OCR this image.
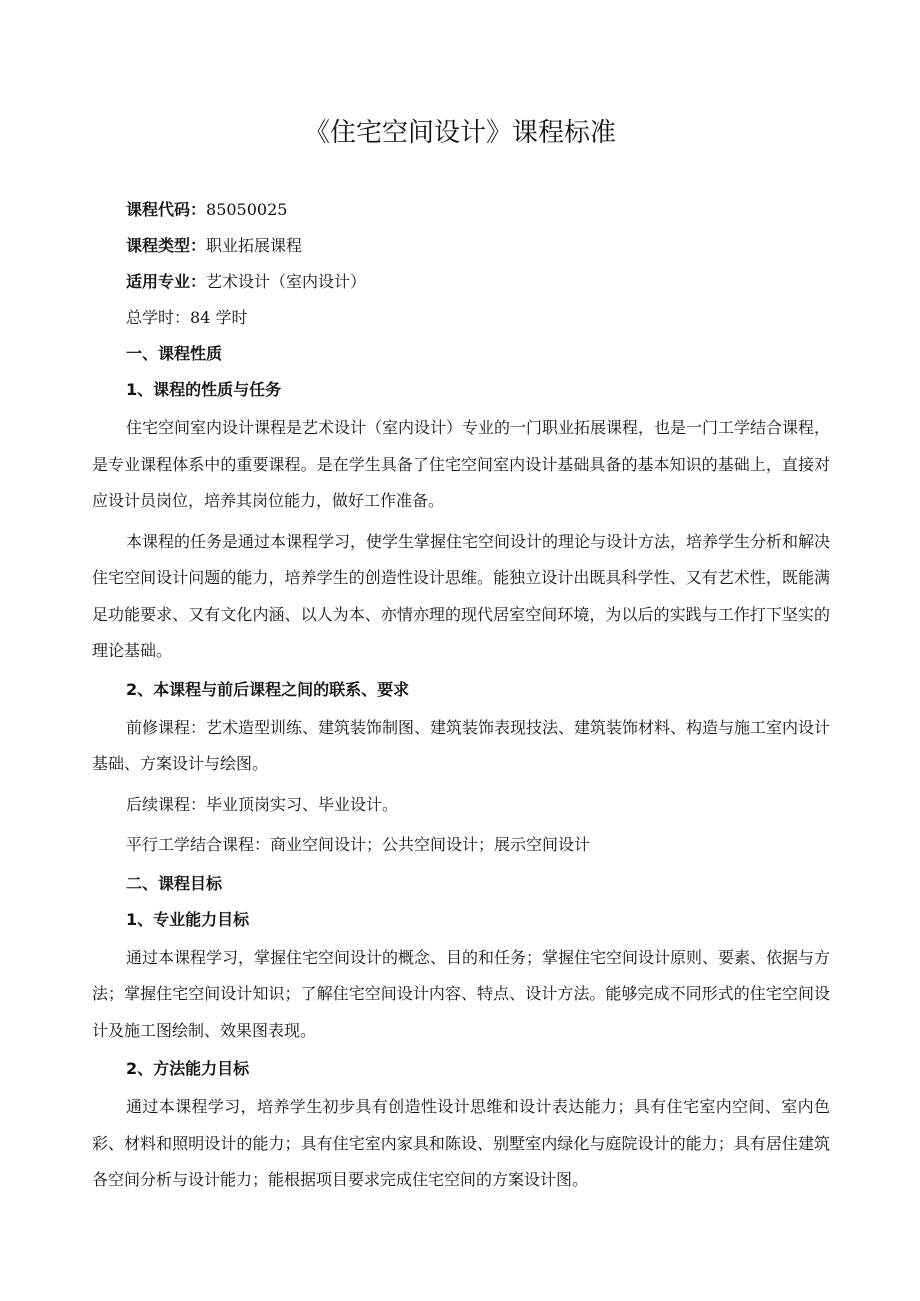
《住宅空间设计》课程标准
课程代码：85050025
课程类型：职业拓展课程
适用专业：艺术设计（室内设计）
总学时：84 学时
一、课程性质
1、课程的性质与任务

住宅空间室内设计课程是艺术设计（室内设计）专业的一门职业拓展课程，也是一门工学结合课程，是专业课程体系中的重要课程。是在学生具备了住宅空间室内设计基础具备的基本知识的基础上，直接对应设计员岗位，培养其岗位能力，做好工作准备。

本课程的任务是通过本课程学习，使学生掌握住宅空间设计的理论与设计方法，培养学生分析和解决住宅空间设计问题的能力，培养学生的创造性设计思维。能独立设计出既具科学性、又有艺术性，既能满足功能要求、又有文化内涵、以人为本、亦情亦理的现代居室空间环境，为以后的实践与工作打下坚实的理论基础。

2、本课程与前后课程之间的联系、要求

前修课程：艺术造型训练、建筑装饰制图、建筑装饰表现技法、建筑装饰材料、构造与施工室内设计基础、方案设计与绘图。

后续课程：毕业顶岗实习、毕业设计。

平行工学结合课程：商业空间设计；公共空间设计；展示空间设计

二、课程目标
1、专业能力目标

通过本课程学习，掌握住宅空间设计的概念、目的和任务；掌握住宅空间设计原则、要素、依据与方法；掌握住宅空间设计知识；了解住宅空间设计内容、特点、设计方法。能够完成不同形式的住宅空间设计及施工图绘制、效果图表现。

2、方法能力目标

通过本课程学习，培养学生初步具有创造性设计思维和设计表达能力；具有住宅室内空间、室内色彩、材料和照明设计的能力；具有住宅室内家具和陈设、别墅室内绿化与庭院设计的能力；具有居住建筑各空间分析与设计能力；能根据项目要求完成住宅空间的方案设计图。
